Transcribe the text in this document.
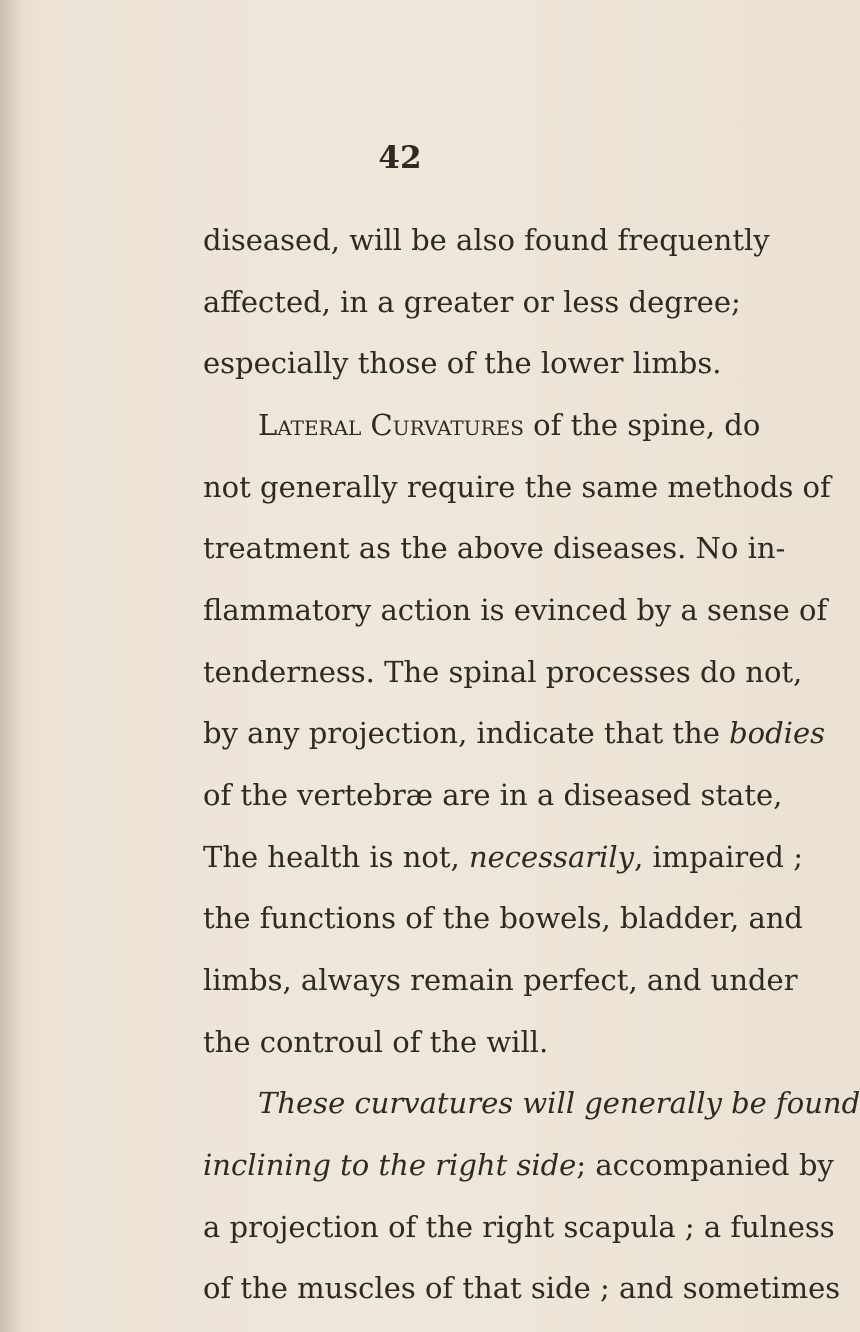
42
diseased, will be also found frequently
affected, in a greater or less degree;
especially those of the lower limbs.
Lateral Curvatures of the spine, do
not generally require the same methods of
treatment as the above diseases. No in-
flammatory action is evinced by a sense of
tenderness. The spinal processes do not,
by any projection, indicate that the bodies
of the vertebræ are in a diseased state,
The health is not, necessarily, impaired ;
the functions of the bowels, bladder, and
limbs, always remain perfect, and under
the controul of the will.
These curvatures will generally be found
inclining to the right side; accompanied by
a projection of the right scapula ; a fulness
of the muscles of that side ; and sometimes
